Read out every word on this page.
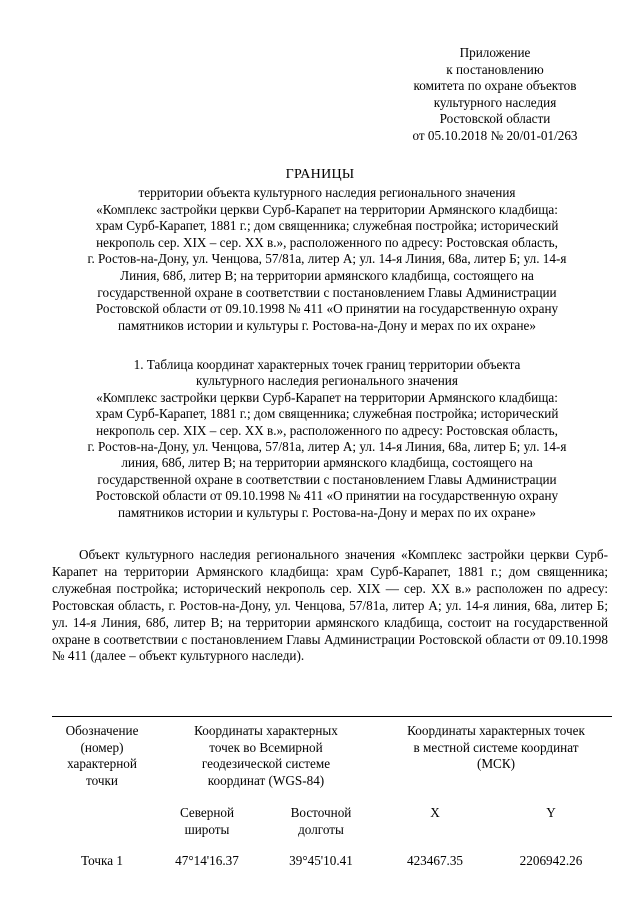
Приложение
к постановлению
комитета по охране объектов
культурного наследия
Ростовской области
от 05.10.2018 № 20/01-01/263
ГРАНИЦЫ
территории объекта культурного наследия регионального значения
«Комплекс застройки церкви Сурб-Карапет на территории Армянского кладбища:
храм Сурб-Карапет, 1881 г.; дом священника; служебная постройка; исторический
некрополь сер. XIX – сер. XX в.», расположенного по адресу: Ростовская область,
г. Ростов-на-Дону, ул. Ченцова, 57/81а, литер А; ул. 14-я Линия, 68а, литер Б; ул. 14-я
Линия, 68б, литер В; на территории армянского кладбища, состоящего на
государственной охране в соответствии с постановлением Главы Администрации
Ростовской области от 09.10.1998 № 411 «О принятии на государственную охрану
памятников истории и культуры г. Ростова-на-Дону и мерах по их охране»
1. Таблица координат характерных точек границ территории объекта
культурного наследия регионального значения
«Комплекс застройки церкви Сурб-Карапет на территории Армянского кладбища:
храм Сурб-Карапет, 1881 г.; дом священника; служебная постройка; исторический
некрополь сер. XIX – сер. XX в.», расположенного по адресу: Ростовская область,
г. Ростов-на-Дону, ул. Ченцова, 57/81а, литер А; ул. 14-я Линия, 68а, литер Б; ул. 14-я
линия, 68б, литер В; на территории армянского кладбища, состоящего на
государственной охране в соответствии с постановлением Главы Администрации
Ростовской области от 09.10.1998 № 411 «О принятии на государственную охрану
памятников истории и культуры г. Ростова-на-Дону и мерах по их охране»
Объект культурного наследия регионального значения «Комплекс застройки церкви Сурб-Карапет на территории Армянского кладбища: храм Сурб-Карапет, 1881 г.; дом священника; служебная постройка; исторический некрополь сер. XIX — сер. XX в.» расположен по адресу: Ростовская область, г. Ростов-на-Дону, ул. Ченцова, 57/81а, литер А; ул. 14-я линия, 68а, литер Б; ул. 14-я Линия, 68б, литер В; на территории армянского кладбища, состоит на государственной охране в соответствии с постановлением Главы Администрации Ростовской области от 09.10.1998 № 411 (далее – объект культурного наследи).

Обозначение
(номер)
характерной
точки	Координаты характерных
точек во Всемирной
геодезической системе
координат (WGS-84)		Координаты характерных точек
в местной системе координат
(МСК)	
	Северной
широты	Восточной
долготы	X	Y
Точка 1	47°14'16.37	39°45'10.41	423467.35	2206942.26
